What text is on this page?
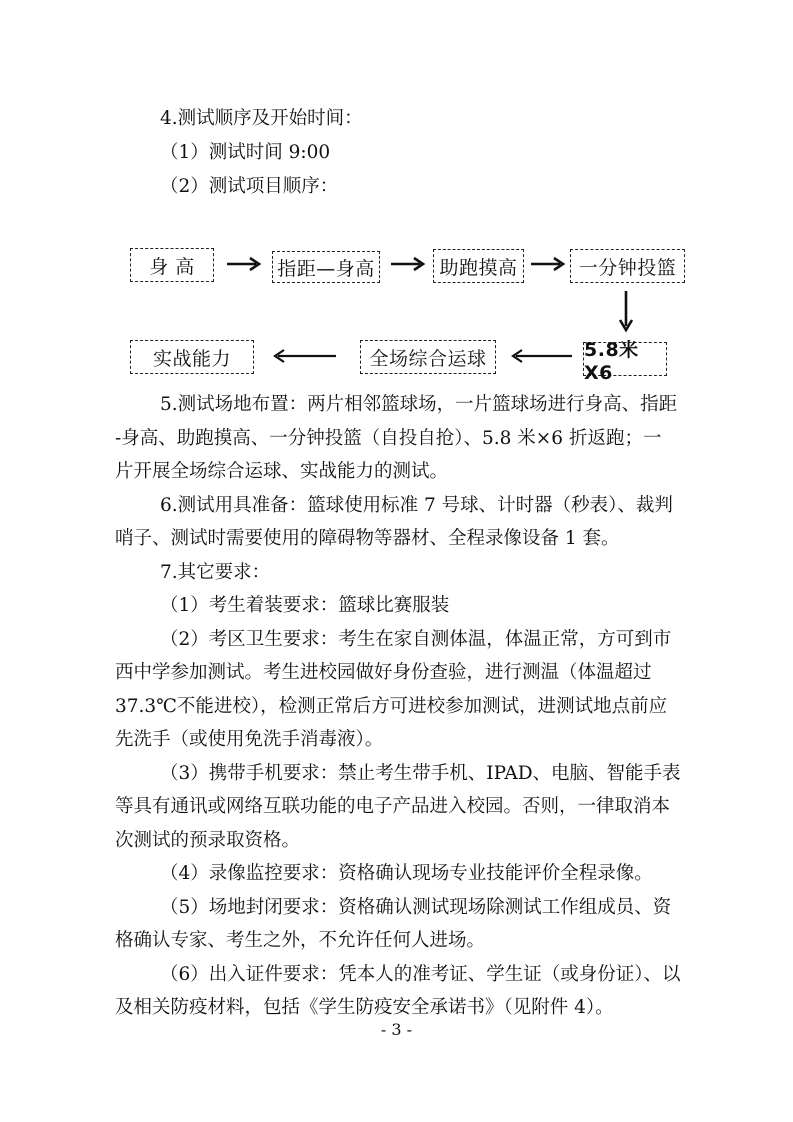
4.测试顺序及开始时间：
（1）测试时间 9:00
（2）测试项目顺序：
身 高	指距—身高	助跑摸高	一分钟投篮
5.8米X6
全场综合运球
实战能力
5.测试场地布置：两片相邻篮球场，一片篮球场进行身高、指距
-身高、助跑摸高、一分钟投篮（自投自抢）、5.8 米×6 折返跑；一
片开展全场综合运球、实战能力的测试。
6.测试用具准备：篮球使用标准 7 号球、计时器（秒表）、裁判
哨子、测试时需要使用的障碍物等器材、全程录像设备 1 套。
7.其它要求：
（1）考生着装要求：篮球比赛服装
（2）考区卫生要求：考生在家自测体温，体温正常，方可到市
西中学参加测试。考生进校园做好身份查验，进行测温（体温超过
37.3℃不能进校），检测正常后方可进校参加测试，进测试地点前应
先洗手（或使用免洗手消毒液）。
（3）携带手机要求：禁止考生带手机、IPAD、电脑、智能手表
等具有通讯或网络互联功能的电子产品进入校园。否则，一律取消本
次测试的预录取资格。
（4）录像监控要求：资格确认现场专业技能评价全程录像。
（5）场地封闭要求：资格确认测试现场除测试工作组成员、资
格确认专家、考生之外，不允许任何人进场。
（6）出入证件要求：凭本人的准考证、学生证（或身份证）、以
及相关防疫材料，包括《学生防疫安全承诺书》（见附件 4）。
- 3 -
